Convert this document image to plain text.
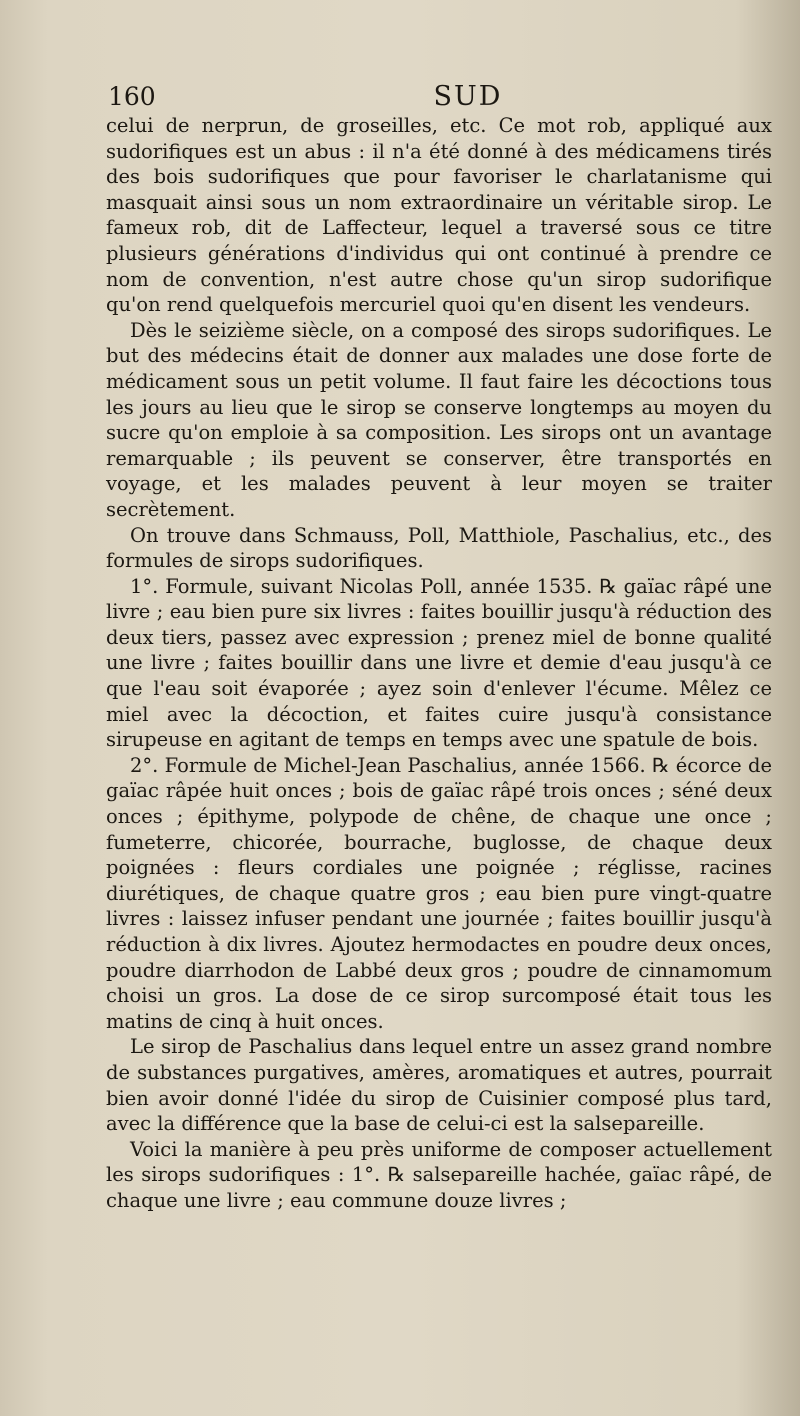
160	SUD

celui de nerprun, de groseilles, etc. Ce mot rob, appliqué aux sudorifiques est un abus : il n'a été donné à des médicamens tirés des bois sudorifiques que pour favoriser le charlatanisme qui masquait ainsi sous un nom extraordinaire un véritable sirop. Le fameux rob, dit de Laffecteur, lequel a traversé sous ce titre plusieurs générations d'individus qui ont continué à prendre ce nom de convention, n'est autre chose qu'un sirop sudorifique qu'on rend quelquefois mercuriel quoi qu'en disent les vendeurs.

Dès le seizième siècle, on a composé des sirops sudorifiques. Le but des médecins était de donner aux malades une dose forte de médicament sous un petit volume. Il faut faire les décoctions tous les jours au lieu que le sirop se conserve longtemps au moyen du sucre qu'on emploie à sa composition. Les sirops ont un avantage remarquable ; ils peuvent se conserver, être transportés en voyage, et les malades peuvent à leur moyen se traiter secrètement.

On trouve dans Schmauss, Poll, Matthiole, Paschalius, etc., des formules de sirops sudorifiques.

1°. Formule, suivant Nicolas Poll, année 1535. ℞ gaïac râpé une livre ; eau bien pure six livres : faites bouillir jusqu'à réduction des deux tiers, passez avec expression ; prenez miel de bonne qualité une livre ; faites bouillir dans une livre et demie d'eau jusqu'à ce que l'eau soit évaporée ; ayez soin d'enlever l'écume. Mêlez ce miel avec la décoction, et faites cuire jusqu'à consistance sirupeuse en agitant de temps en temps avec une spatule de bois.

2°. Formule de Michel-Jean Paschalius, année 1566. ℞ écorce de gaïac râpée huit onces ; bois de gaïac râpé trois onces ; séné deux onces ; épithyme, polypode de chêne, de chaque une once ; fumeterre, chicorée, bourrache, buglosse, de chaque deux poignées : fleurs cordiales une poignée ; réglisse, racines diurétiques, de chaque quatre gros ; eau bien pure vingt-quatre livres : laissez infuser pendant une journée ; faites bouillir jusqu'à réduction à dix livres. Ajoutez hermodactes en poudre deux onces, poudre diarrhodon de Labbé deux gros ; poudre de cinnamomum choisi un gros. La dose de ce sirop surcomposé était tous les matins de cinq à huit onces.

Le sirop de Paschalius dans lequel entre un assez grand nombre de substances purgatives, amères, aromatiques et autres, pourrait bien avoir donné l'idée du sirop de Cuisinier composé plus tard, avec la différence que la base de celui-ci est la salsepareille.

Voici la manière à peu près uniforme de composer actuellement les sirops sudorifiques : 1°. ℞ salsepareille hachée, gaïac râpé, de chaque une livre ; eau commune douze livres ;
